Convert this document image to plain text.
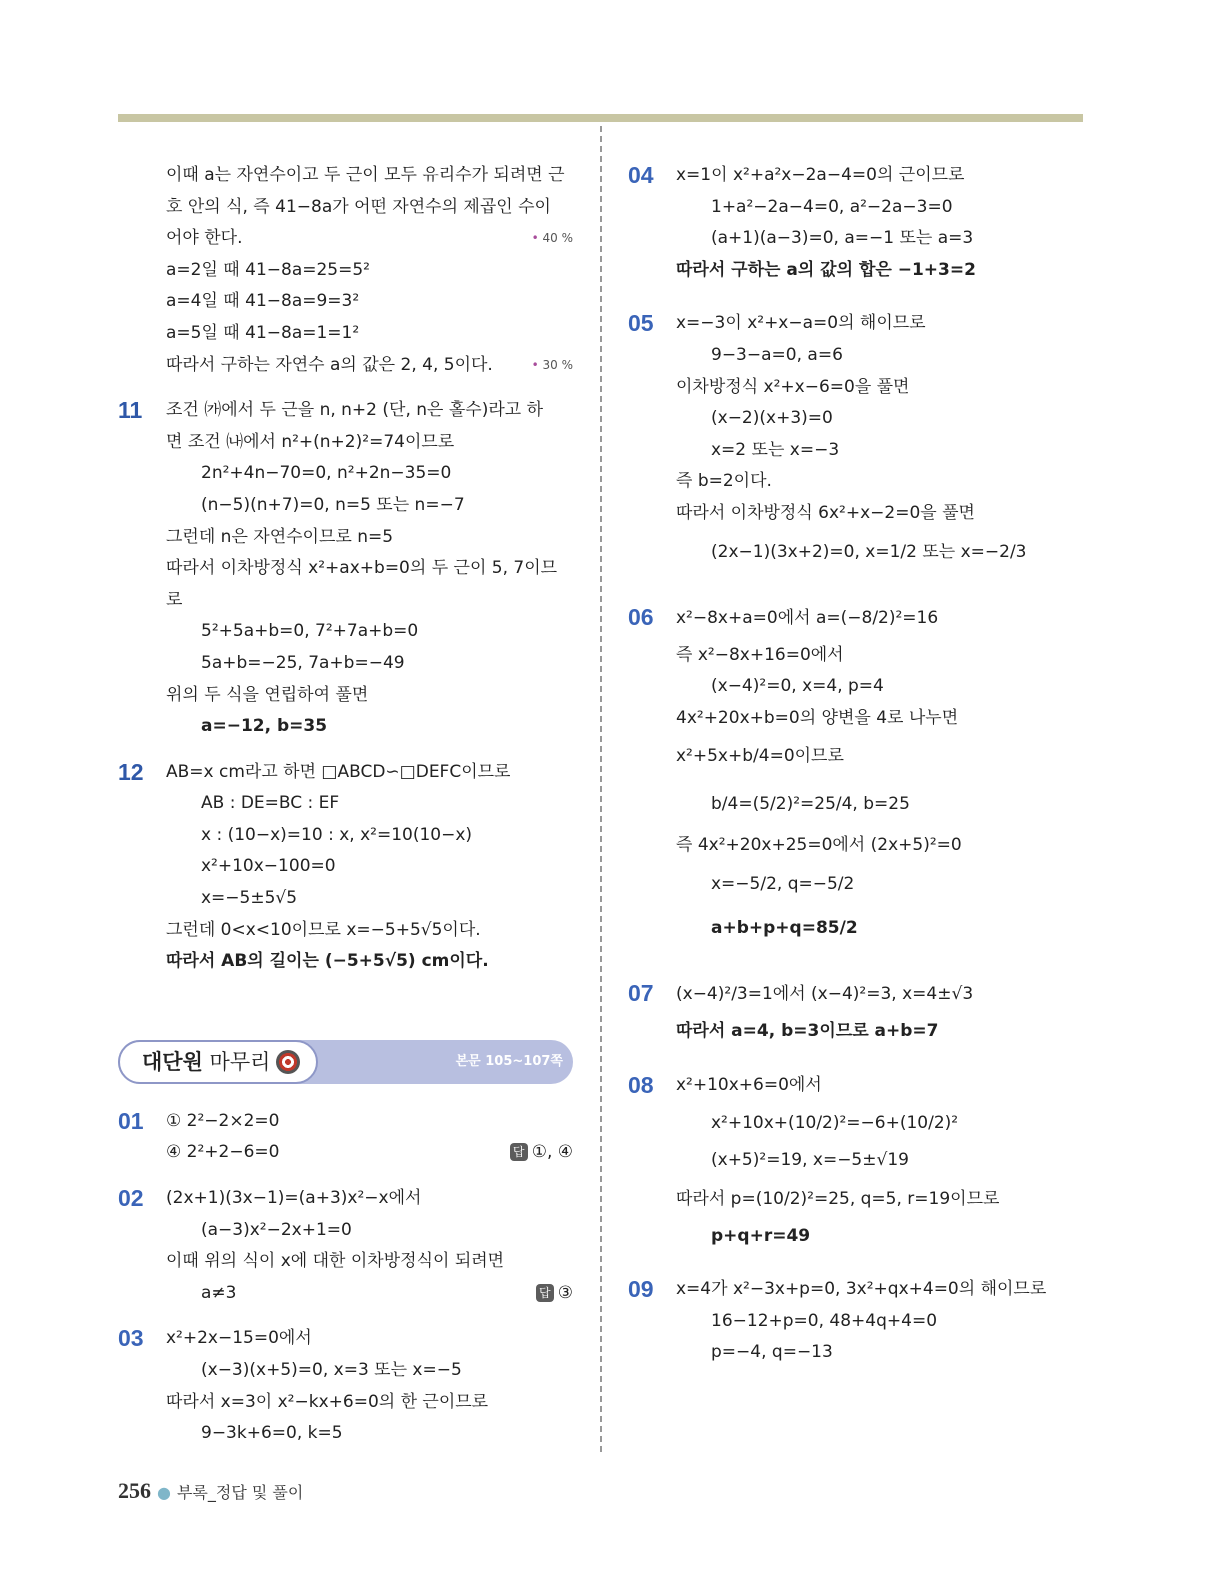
이때 a는 자연수이고 두 근이 모두 유리수가 되려면 근
호 안의 식, 즉 41−8a가 어떤 자연수의 제곱인 수이
어야 한다.	• 40 %
a=2일 때 41−8a=25=5²
a=4일 때 41−8a=9=3²
a=5일 때 41−8a=1=1²
따라서 구하는 자연수 a의 값은 2, 4, 5이다.	• 30 %
11 조건 ㈎에서 두 근을 n, n+2 (단, n은 홀수)라고 하
면 조건 ㈏에서 n²+(n+2)²=74이므로
2n²+4n−70=0, n²+2n−35=0
(n−5)(n+7)=0, n=5 또는 n=−7
그런데 n은 자연수이므로 n=5
따라서 이차방정식 x²+ax+b=0의 두 근이 5, 7이므
로
5²+5a+b=0, 7²+7a+b=0
5a+b=−25, 7a+b=−49
위의 두 식을 연립하여 풀면
a=−12, b=35
12 AB=x cm라고 하면 □ABCD∽□DEFC이므로
AB : DE=BC : EF
x : (10−x)=10 : x, x²=10(10−x)
x²+10x−100=0
x=−5±5√5
그런데 0<x<10이므로 x=−5+5√5이다.
따라서 AB의 길이는 (−5+5√5) cm이다.
대단원 마무리	본문 105~107쪽
01 ① 2²−2×2=0
④ 2²+2−6=0	답 ①, ④
02 (2x+1)(3x−1)=(a+3)x²−x에서
(a−3)x²−2x+1=0
이때 위의 식이 x에 대한 이차방정식이 되려면
a≠3	답 ③
03 x²+2x−15=0에서
(x−3)(x+5)=0, x=3 또는 x=−5
따라서 x=3이 x²−kx+6=0의 한 근이므로
9−3k+6=0, k=5
04 x=1이 x²+a²x−2a−4=0의 근이므로
1+a²−2a−4=0, a²−2a−3=0
(a+1)(a−3)=0, a=−1 또는 a=3
따라서 구하는 a의 값의 합은 −1+3=2
05 x=−3이 x²+x−a=0의 해이므로
9−3−a=0, a=6
이차방정식 x²+x−6=0을 풀면
(x−2)(x+3)=0
x=2 또는 x=−3
즉 b=2이다.
따라서 이차방정식 6x²+x−2=0을 풀면
(2x−1)(3x+2)=0, x=1/2 또는 x=−2/3
06 x²−8x+a=0에서 a=(−8/2)²=16
즉 x²−8x+16=0에서
(x−4)²=0, x=4, p=4
4x²+20x+b=0의 양변을 4로 나누면
x²+5x+b/4=0이므로
b/4=(5/2)²=25/4, b=25
즉 4x²+20x+25=0에서 (2x+5)²=0
x=−5/2, q=−5/2
a+b+p+q=85/2
07 (x−4)²/3=1에서 (x−4)²=3, x=4±√3
따라서 a=4, b=3이므로 a+b=7
08 x²+10x+6=0에서
x²+10x+(10/2)²=−6+(10/2)²
(x+5)²=19, x=−5±√19
따라서 p=(10/2)²=25, q=5, r=19이므로
p+q+r=49
09 x=4가 x²−3x+p=0, 3x²+qx+4=0의 해이므로
16−12+p=0, 48+4q+4=0
p=−4, q=−13
256 ● 부록_정답 및 풀이
